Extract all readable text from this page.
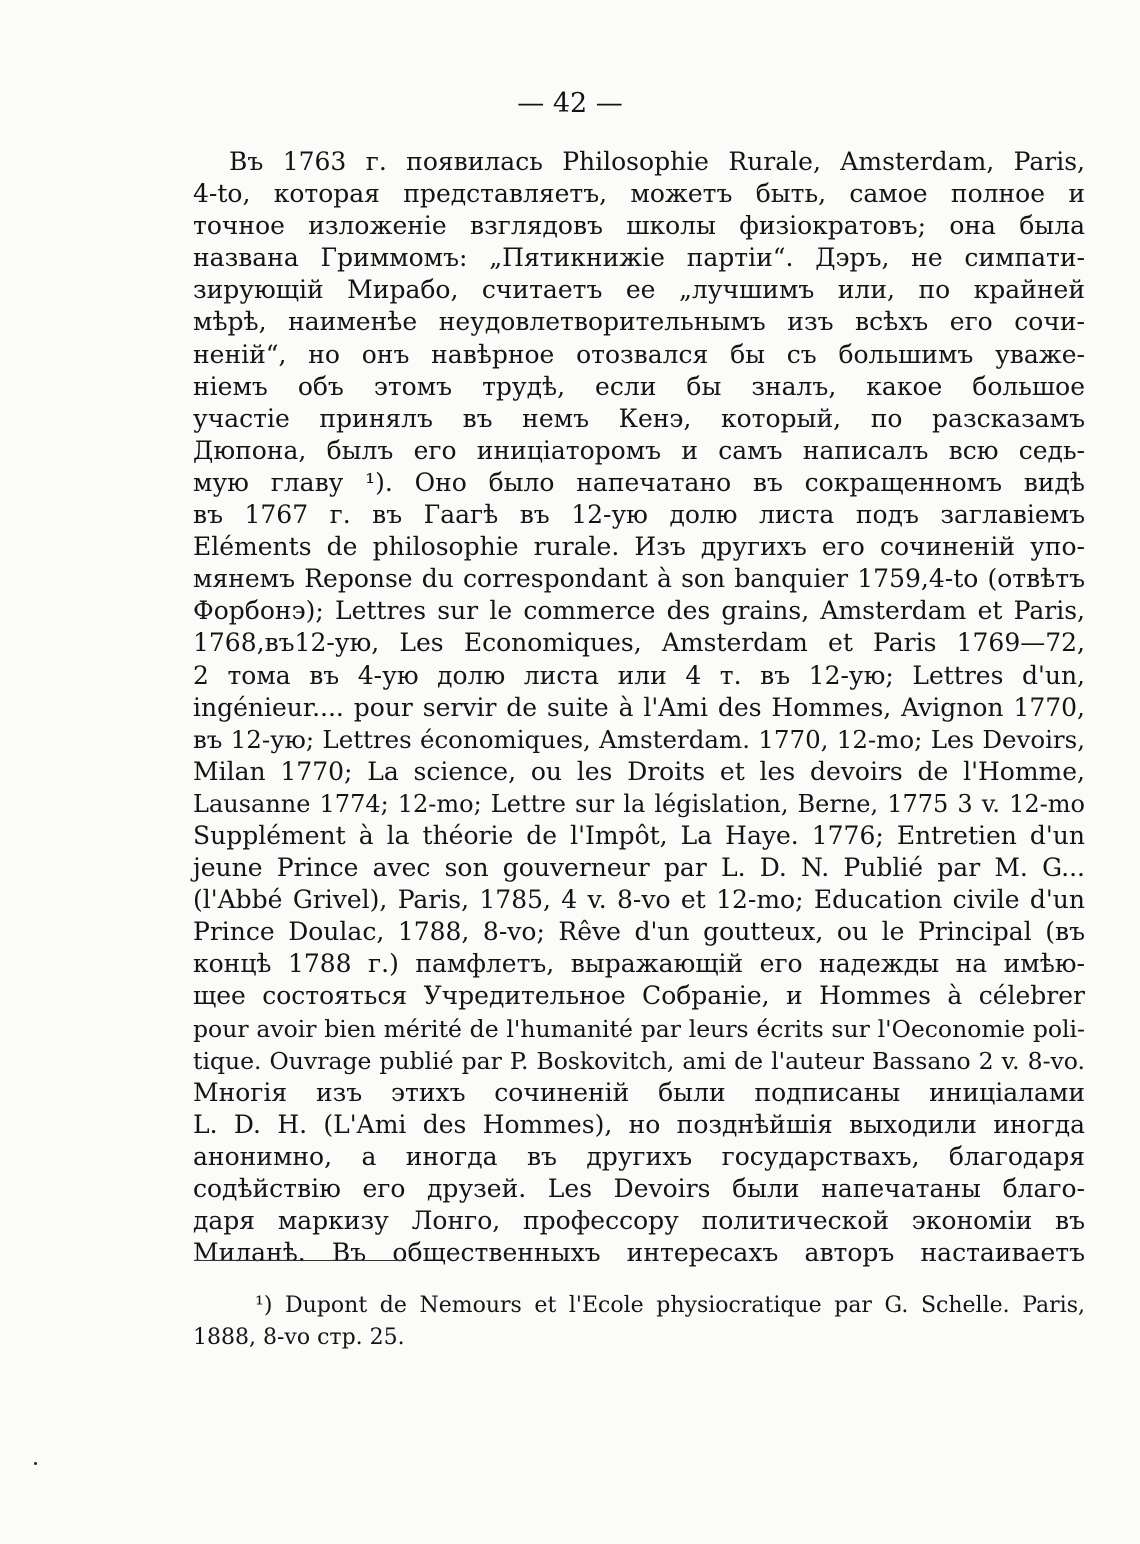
— 42 —
Въ 1763 г. появилась Philosophie Rurale, Amsterdam, Paris,
4-to, которая представляетъ, можетъ быть, самое полное и
точное изложеніе взглядовъ школы физіократовъ; она была
названа Гриммомъ: „Пятикнижіе партіи“. Дэръ, не симпати-
зирующій Мирабо, считаетъ ее „лучшимъ или, по крайней
мѣрѣ, наименѣе неудовлетворительнымъ изъ всѣхъ его сочи-
неній“, но онъ навѣрное отозвался бы съ большимъ уваже-
ніемъ объ этомъ трудѣ, если бы зналъ, какое большое
участіе принялъ въ немъ Кенэ, который, по разсказамъ
Дюпона, былъ его иниціаторомъ и самъ написалъ всю седь-
мую главу ¹). Оно было напечатано въ сокращенномъ видѣ
въ 1767 г. въ Гаагѣ въ 12-ую долю листа подъ заглавіемъ
Eléments de philosophie rurale. Изъ другихъ его сочиненій упо-
мянемъ Reponse du correspondant à son banquier 1759,4-to (отвѣтъ
Форбонэ); Lettres sur le commerce des grains, Amsterdam et Paris,
1768,въ12-ую, Les Economiques, Amsterdam et Paris 1769—72,
2 тома въ 4-ую долю листа или 4 т. въ 12-ую; Lettres d'un,
ingénieur.... pour servir de suite à l'Ami des Hommes, Avignon 1770,
въ 12-ую; Lettres économiques, Amsterdam. 1770, 12-mo; Les Devoirs,
Milan 1770; La science, ou les Droits et les devoirs de l'Homme,
Lausanne 1774; 12-mo; Lettre sur la législation, Berne, 1775 3 v. 12-mo
Supplément à la théorie de l'Impôt, La Haye. 1776; Entretien d'un
jeune Prince avec son gouverneur par L. D. N. Publié par M. G...
(l'Abbé Grivel), Paris, 1785, 4 v. 8-vo et 12-mo; Education civile d'un
Prince Doulac, 1788, 8-vo; Rêve d'un goutteux, ou le Principal (въ
концѣ 1788 г.) памфлетъ, выражающій его надежды на имѣю-
щее состояться Учредительное Собраніе, и Hommes à célebrer
pour avoir bien mérité de l'humanité par leurs écrits sur l'Oeconomie poli-
tique. Ouvrage publié par P. Boskovitch, ami de l'auteur Bassano 2 v. 8-vo.
Многія изъ этихъ сочиненій были подписаны иниціалами
L. D. H. (L'Ami des Hommes), но позднѣйшія выходили иногда
анонимно, а иногда въ другихъ государствахъ, благодаря
содѣйствію его друзей. Les Devoirs были напечатаны благо-
даря маркизу Лонго, профессору политической экономіи въ
Миланѣ. Въ общественныхъ интересахъ авторъ настаиваетъ
¹) Dupont de Nemours et l'Ecole physiocratique par G. Schelle. Paris,
1888, 8-vo стр. 25.
